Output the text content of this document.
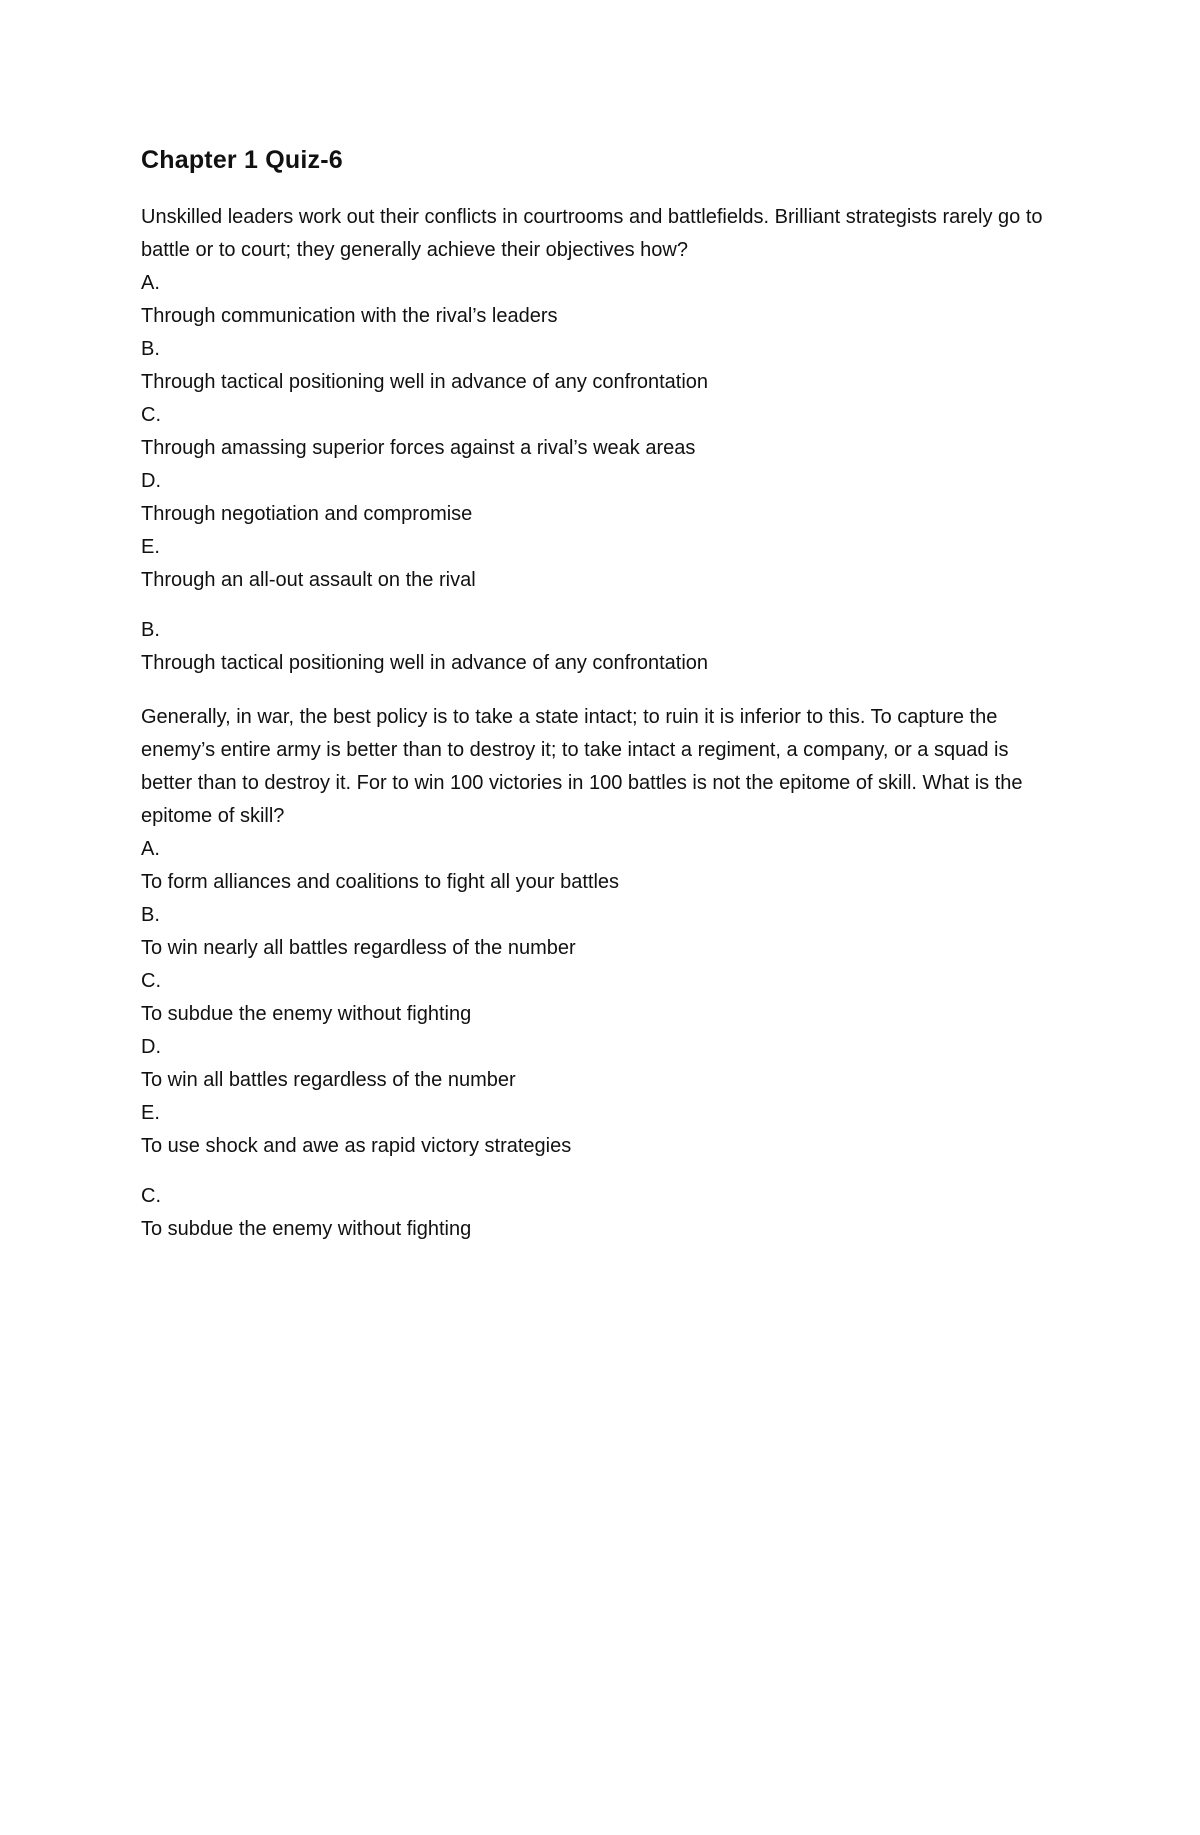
Chapter 1 Quiz-6

Unskilled leaders work out their conflicts in courtrooms and battlefields. Brilliant strategists rarely go to battle or to court; they generally achieve their objectives how?

A.
Through communication with the rival’s leaders
B.
Through tactical positioning well in advance of any confrontation
C.
Through amassing superior forces against a rival’s weak areas
D.
Through negotiation and compromise
E.
Through an all-out assault on the rival
B.
Through tactical positioning well in advance of any confrontation

Generally, in war, the best policy is to take a state intact; to ruin it is inferior to this. To capture the enemy’s entire army is better than to destroy it; to take intact a regiment, a company, or a squad is better than to destroy it. For to win 100 victories in 100 battles is not the epitome of skill. What is the epitome of skill?

A.
To form alliances and coalitions to fight all your battles
B.
To win nearly all battles regardless of the number
C.
To subdue the enemy without fighting
D.
To win all battles regardless of the number
E.
To use shock and awe as rapid victory strategies
C.
To subdue the enemy without fighting
